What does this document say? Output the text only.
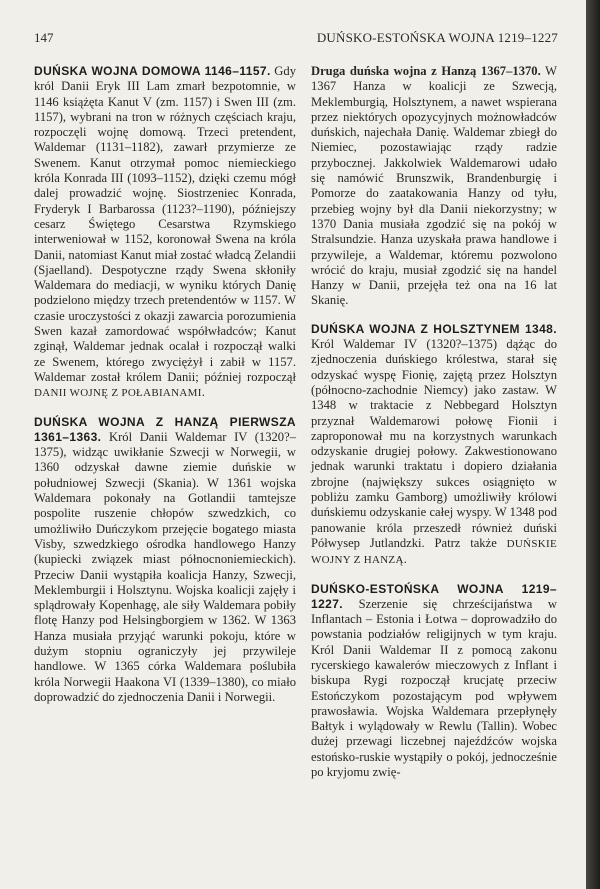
147	DUŃSKO-ESTOŃSKA WOJNA 1219–1227

DUŃSKA WOJNA DOMOWA 1146–1157. Gdy król Danii Eryk III Lam zmarł bezpotomnie, w 1146 książęta Kanut V (zm. 1157) i Swen III (zm. 1157), wybrani na tron w różnych częściach kraju, rozpoczęli wojnę domową. Trzeci pretendent, Waldemar (1131–1182), zawarł przymierze ze Swenem. Kanut otrzymał pomoc niemieckiego króla Konrada III (1093–1152), dzięki czemu mógł dalej prowadzić wojnę. Siostrzeniec Konrada, Fryderyk I Barbarossa (1123?–1190), późniejszy cesarz Świętego Cesarstwa Rzymskiego interweniował w 1152, koronował Swena na króla Danii, natomiast Kanut miał zostać władcą Zelandii (Sjaelland). Despotyczne rządy Swena skłoniły Waldemara do mediacji, w wyniku których Danię podzielono między trzech pretendentów w 1157. W czasie uroczystości z okazji zawarcia porozumienia Swen kazał zamordować współwładców; Kanut zginął, Waldemar jednak ocalał i rozpoczął walki ze Swenem, którego zwyciężył i zabił w 1157. Waldemar został królem Danii; później rozpoczął DANII WOJNĘ Z POŁABIANAMI.

DUŃSKA WOJNA Z HANZĄ PIERWSZA 1361–1363. Król Danii Waldemar IV (1320?–1375), widząc uwikłanie Szwecji w Norwegii, w 1360 odzyskał dawne ziemie duńskie w południowej Szwecji (Skania). W 1361 wojska Waldemara pokonały na Gotlandii tamtejsze pospolite ruszenie chłopów szwedzkich, co umożliwiło Duńczykom przejęcie bogatego miasta Visby, szwedzkiego ośrodka handlowego Hanzy (kupiecki związek miast północnoniemieckich). Przeciw Danii wystąpiła koalicja Hanzy, Szwecji, Meklemburgii i Holsztynu. Wojska koalicji zajęły i splądrowały Kopenhagę, ale siły Waldemara pobiły flotę Hanzy pod Helsingborgiem w 1362. W 1363 Hanza musiała przyjąć warunki pokoju, które w dużym stopniu ograniczyły jej przywileje handlowe. W 1365 córka Waldemara poślubiła króla Norwegii Haakona VI (1339–1380), co miało doprowadzić do zjednoczenia Danii i Norwegii.

Druga duńska wojna z Hanzą 1367–1370. W 1367 Hanza w koalicji ze Szwecją, Meklemburgią, Holsztynem, a nawet wspierana przez niektórych opozycyjnych możnowładców duńskich, najechała Danię. Waldemar zbiegł do Niemiec, pozostawiając rządy radzie przybocznej. Jakkolwiek Waldemarowi udało się namówić Brunszwik, Brandenburgię i Pomorze do zaatakowania Hanzy od tyłu, przebieg wojny był dla Danii niekorzystny; w 1370 Dania musiała zgodzić się na pokój w Stralsundzie. Hanza uzyskała prawa handlowe i przywileje, a Waldemar, któremu pozwolono wrócić do kraju, musiał zgodzić się na handel Hanzy w Danii, przejęła też ona na 16 lat Skanię.

DUŃSKA WOJNA Z HOLSZTYNEM 1348. Król Waldemar IV (1320?–1375) dążąc do zjednoczenia duńskiego królestwa, starał się odzyskać wyspę Fionię, zajętą przez Holsztyn (północno-zachodnie Niemcy) jako zastaw. W 1348 w traktacie z Nebbegard Holsztyn przyznał Waldemarowi połowę Fionii i zaproponował mu na korzystnych warunkach odzyskanie drugiej połowy. Zakwestionowano jednak warunki traktatu i dopiero działania zbrojne (największy sukces osiągnięto w pobliżu zamku Gamborg) umożliwiły królowi duńskiemu odzyskanie całej wyspy. W 1348 pod panowanie króla przeszedł również duński Półwysep Jutlandzki. Patrz także DUŃSKIE WOJNY Z HANZĄ.

DUŃSKO-ESTOŃSKA WOJNA 1219–1227. Szerzenie się chrześcijaństwa w Inflantach – Estonia i Łotwa – doprowadziło do powstania podziałów religijnych w tym kraju. Król Danii Waldemar II z pomocą zakonu rycerskiego kawalerów mieczowych z Inflant i biskupa Rygi rozpoczął krucjatę przeciw Estończykom pozostającym pod wpływem prawosławia. Wojska Waldemara przepłynęły Bałtyk i wylądowały w Rewlu (Tallin). Wobec dużej przewagi liczebnej najeźdźców wojska estońsko-ruskie wystąpiły o pokój, jednocześnie po kryjomu zwię-
